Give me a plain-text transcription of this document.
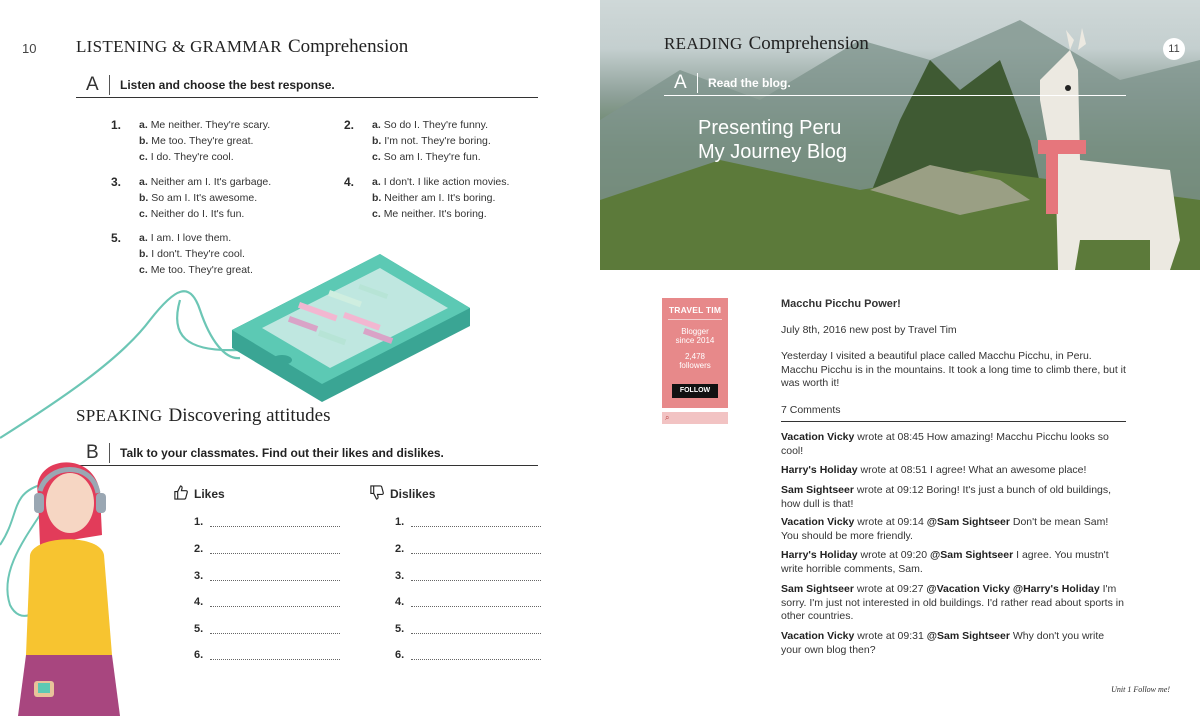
10 LISTENING & GRAMMAR Comprehension
A	Listen and choose the best response.
1. a. Me neither. They're scary.
b. Me too. They're great.
c. I do. They're cool.
2. a. So do I. They're funny.
b. I'm not. They're boring.
c. So am I. They're fun.
3. a. Neither am I. It's garbage.
b. So am I. It's awesome.
c. Neither do I. It's fun.
4. a. I don't. I like action movies.
b. Neither am I. It's boring.
c. Me neither. It's boring.
5. a. I am. I love them.
b. I don't. They're cool.
c. Me too. They're great.
SPEAKING Discovering attitudes
B	Talk to your classmates. Find out their likes and dislikes.
Likes
1.
2.
3.
4.
5.
6.
Dislikes
1.
2.
3.
4.
5.
6.
11
READING Comprehension
A	Read the blog.
Presenting Peru
My Journey Blog
TRAVEL TIM
Blogger
since 2014
2,478
followers
FOLLOW
⌕
Macchu Picchu Power!
July 8th, 2016 new post by Travel Tim
Yesterday I visited a beautiful place called Macchu Picchu, in Peru. Macchu Picchu is in the mountains. It took a long time to climb there, but it was worth it!
7 Comments
Vacation Vicky wrote at 08:45 How amazing! Macchu Picchu looks so cool!
Harry's Holiday wrote at 08:51 I agree! What an awesome place!
Sam Sightseer wrote at 09:12 Boring! It's just a bunch of old buildings, how dull is that!
Vacation Vicky wrote at 09:14 @Sam Sightseer Don't be mean Sam! You should be more friendly.
Harry's Holiday wrote at 09:20 @Sam Sightseer I agree. You mustn't write horrible comments, Sam.
Sam Sightseer wrote at 09:27 @Vacation Vicky @Harry's Holiday I'm sorry. I'm just not interested in old buildings. I'd rather read about sports in other countries.
Vacation Vicky wrote at 09:31 @Sam Sightseer Why don't you write your own blog then?
Unit 1 Follow me!
